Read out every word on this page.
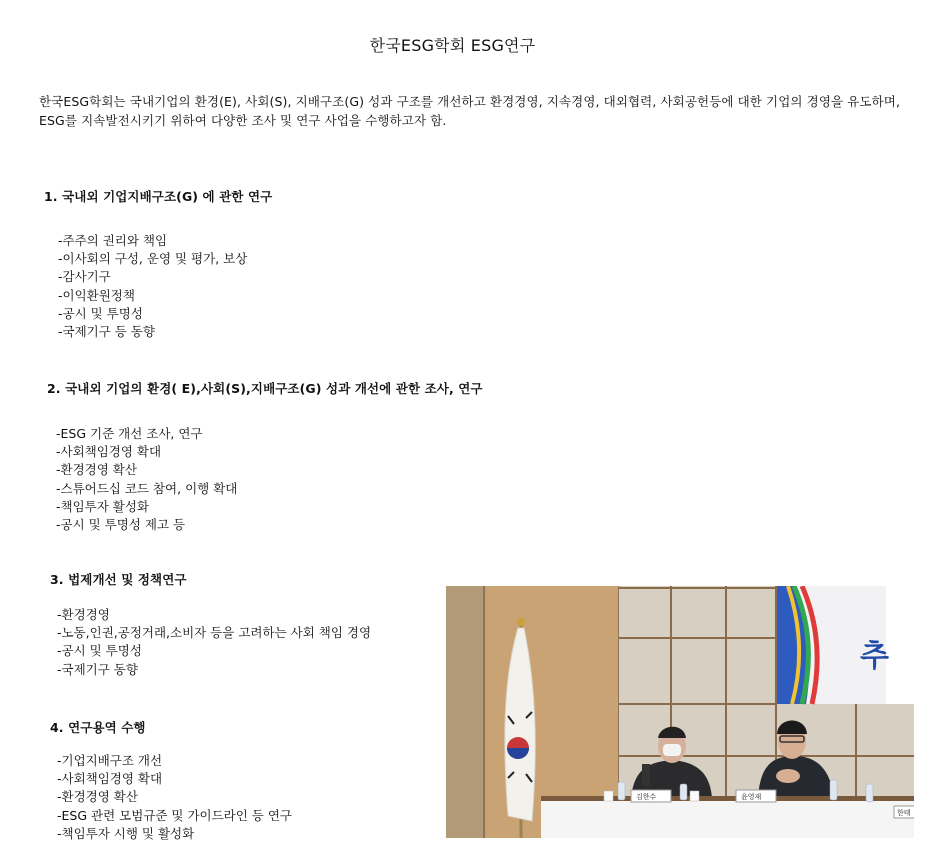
한국ESG학회 ESG연구
한국ESG학회는 국내기업의 환경(E), 사회(S), 지배구조(G) 성과 구조를 개선하고 환경경영, 지속경영, 대외협력, 사회공헌등에 대한 기업의 경영을 유도하며, ESG를 지속발전시키기 위하여 다양한 조사 및 연구 사업을 수행하고자 함.
1. 국내외 기업지배구조(G) 에 관한 연구
-주주의 권리와 책임
-이사회의 구성, 운영 및 평가, 보상
-감사기구
-이익환원정책
-공시 및 투명성
-국제기구 등 동향
2. 국내외 기업의 환경( E),사회(S),지배구조(G) 성과 개선에 관한 조사, 연구
-ESG 기준 개선 조사, 연구
-사회책임경영 확대
-환경경영 확산
-스튜어드십 코드 참여, 이행 확대
-책임투자 활성화
-공시 및 투명성 제고 등
3. 법제개선 및 정책연구
-환경경영
-노동,인권,공정거래,소비자 등을 고려하는 사회 책임 경영
-공시 및 투명성
-국제기구 동향
4. 연구용역 수행
-기업지배구조 개선
-사회책임경영 확대
-환경경영 확산
-ESG 관련 모범규준 및 가이드라인 등 연구
-책임투자 시행 및 활성화
추
김한수	윤영재
한태
